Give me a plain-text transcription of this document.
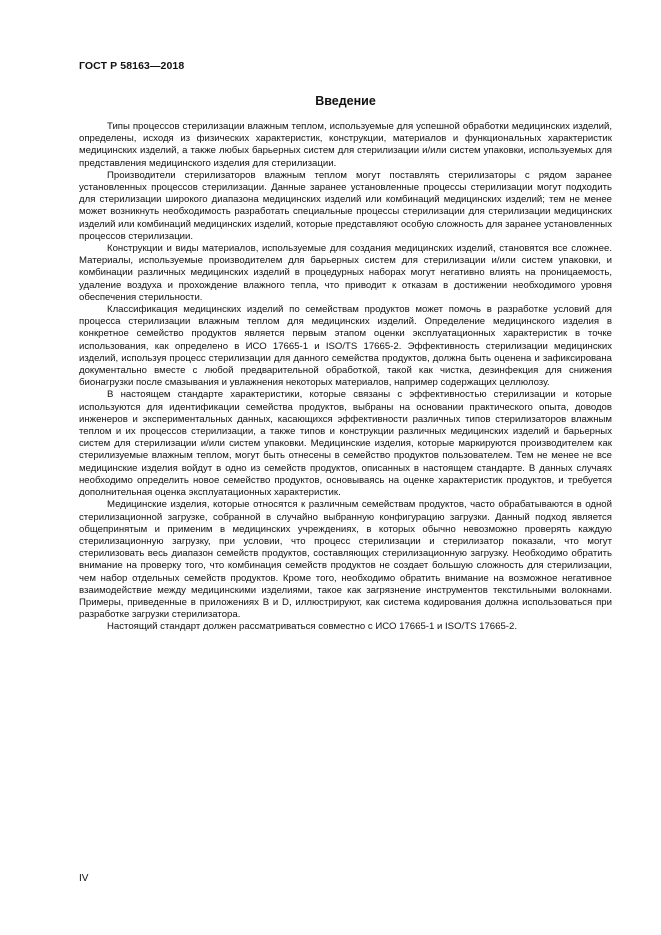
ГОСТ Р 58163—2018
Введение

Типы процессов стерилизации влажным теплом, используемые для успешной обработки медицинских изделий, определены, исходя из физических характеристик, конструкции, материалов и функциональных характеристик медицинских изделий, а также любых барьерных систем для стерилизации и/или систем упаковки, используемых для представления медицинского изделия для стерилизации.

Производители стерилизаторов влажным теплом могут поставлять стерилизаторы с рядом заранее установленных процессов стерилизации. Данные заранее установленные процессы стерилизации могут подходить для стерилизации широкого диапазона медицинских изделий или комбинаций медицинских изделий; тем не менее может возникнуть необходимость разработать специальные процессы стерилизации для стерилизации медицинских изделий или комбинаций медицинских изделий, которые представляют особую сложность для заранее установленных процессов стерилизации.

Конструкции и виды материалов, используемые для создания медицинских изделий, становятся все сложнее. Материалы, используемые производителем для барьерных систем для стерилизации и/или систем упаковки, и комбинации различных медицинских изделий в процедурных наборах могут негативно влиять на проницаемость, удаление воздуха и прохождение влажного тепла, что приводит к отказам в достижении необходимого уровня обеспечения стерильности.

Классификация медицинских изделий по семействам продуктов может помочь в разработке условий для процесса стерилизации влажным теплом для медицинских изделий. Определение медицинского изделия в конкретное семейство продуктов является первым этапом оценки эксплуатационных характеристик в точке использования, как определено в ИСО 17665-1 и ISO/TS 17665-2. Эффективность стерилизации медицинских изделий, используя процесс стерилизации для данного семейства продуктов, должна быть оценена и зафиксирована документально вместе с любой предварительной обработкой, такой как чистка, дезинфекция для снижения бионагрузки после смазывания и увлажнения некоторых материалов, например содержащих целлюлозу.

В настоящем стандарте характеристики, которые связаны с эффективностью стерилизации и которые используются для идентификации семейства продуктов, выбраны на основании практического опыта, доводов инженеров и экспериментальных данных, касающихся эффективности различных типов стерилизаторов влажным теплом и их процессов стерилизации, а также типов и конструкции различных медицинских изделий и барьерных систем для стерилизации и/или систем упаковки. Медицинские изделия, которые маркируются производителем как стерилизуемые влажным теплом, могут быть отнесены в семейство продуктов пользователем. Тем не менее не все медицинские изделия войдут в одно из семейств продуктов, описанных в настоящем стандарте. В данных случаях необходимо определить новое семейство продуктов, основываясь на оценке характеристик продуктов, и требуется дополнительная оценка эксплуатационных характеристик.

Медицинские изделия, которые относятся к различным семействам продуктов, часто обрабатываются в одной стерилизационной загрузке, собранной в случайно выбранную конфигурацию загрузки. Данный подход является общепринятым и применим в медицинских учреждениях, в которых обычно невозможно проверять каждую стерилизационную загрузку, при условии, что процесс стерилизации и стерилизатор показали, что могут стерилизовать весь диапазон семейств продуктов, составляющих стерилизационную загрузку. Необходимо обратить внимание на проверку того, что комбинация семейств продуктов не создает большую сложность для стерилизации, чем набор отдельных семейств продуктов. Кроме того, необходимо обратить внимание на возможное негативное взаимодействие между медицинскими изделиями, такое как загрязнение инструментов текстильными волокнами. Примеры, приведенные в приложениях В и D, иллюстрируют, как система кодирования должна использоваться при разработке загрузки стерилизатора.

Настоящий стандарт должен рассматриваться совместно с ИСО 17665-1 и ISO/TS 17665-2.

IV
